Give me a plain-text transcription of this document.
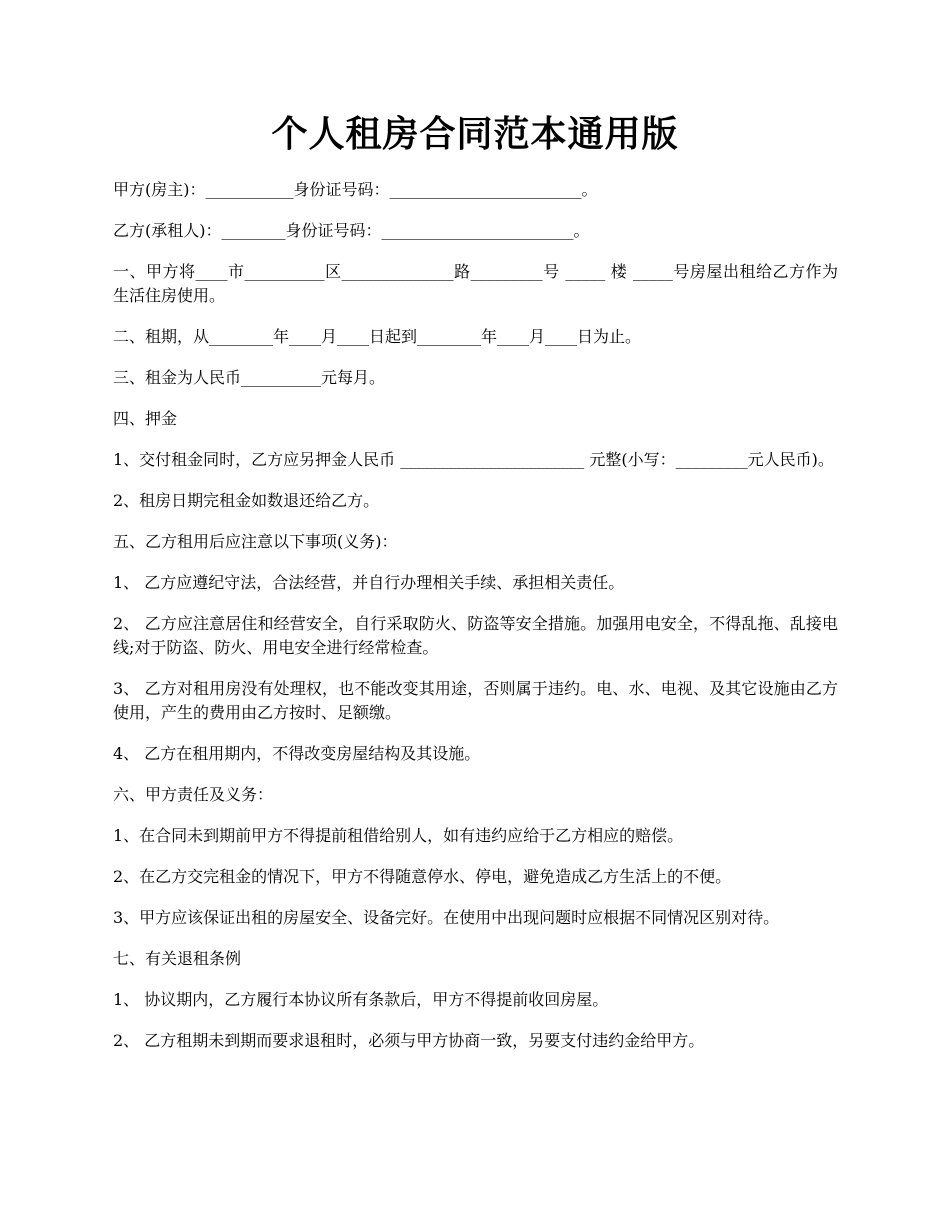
个人租房合同范本通用版

甲方(房主)：___________身份证号码：________________________。

乙方(承租人)：________身份证号码：________________________。

一、甲方将____市__________区______________路_________号 _____ 楼 _____号房屋出租给乙方作为生活住房使用。

二、租期，从________年____月____日起到________年____月____日为止。

三、租金为人民币__________元每月。

四、押金

1、交付租金同时，乙方应另押金人民币 _______________________ 元整(小写：_________元人民币)。

2、租房日期完租金如数退还给乙方。

五、乙方租用后应注意以下事项(义务)：

1、 乙方应遵纪守法，合法经营，并自行办理相关手续、承担相关责任。

2、 乙方应注意居住和经营安全，自行采取防火、防盗等安全措施。加强用电安全，不得乱拖、乱接电线;对于防盗、防火、用电安全进行经常检查。

3、 乙方对租用房没有处理权，也不能改变其用途，否则属于违约。电、水、电视、及其它设施由乙方使用，产生的费用由乙方按时、足额缴。

4、 乙方在租用期内，不得改变房屋结构及其设施。

六、甲方责任及义务：

1、在合同未到期前甲方不得提前租借给别人，如有违约应给于乙方相应的赔偿。

2、在乙方交完租金的情况下，甲方不得随意停水、停电，避免造成乙方生活上的不便。

3、甲方应该保证出租的房屋安全、设备完好。在使用中出现问题时应根据不同情况区别对待。

七、有关退租条例

1、 协议期内，乙方履行本协议所有条款后，甲方不得提前收回房屋。

2、 乙方租期未到期而要求退租时，必须与甲方协商一致，另要支付违约金给甲方。
